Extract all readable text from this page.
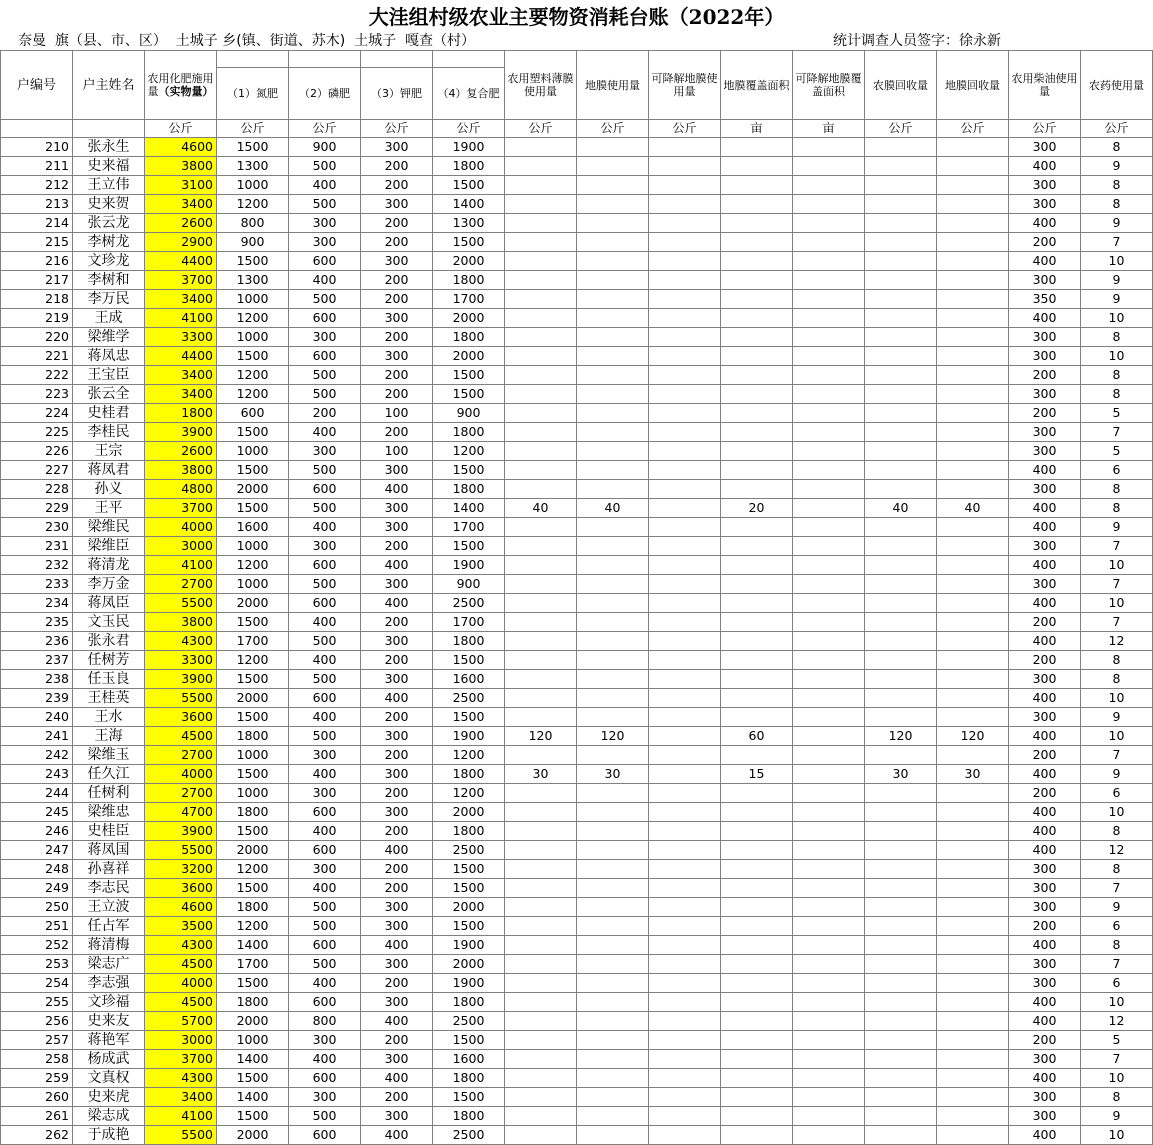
大洼组村级农业主要物资消耗台账（2022年）
奈曼  旗（县、市、区）  土城子 乡(镇、街道、苏木)  土城子  嘎查（村）	统计调查人员签字：徐永新
户编号	户主姓名	农用化肥施用量（实物量）					农用塑料薄膜使用量	地膜使用量	可降解地膜使用量	地膜覆盖面积	可降解地膜覆盖面积	农膜回收量	地膜回收量	农用柴油使用量	农药使用量
			（1）氮肥	（2）磷肥	（3）钾肥	（4）复合肥									
		公斤	公斤	公斤	公斤	公斤	公斤	公斤	公斤	亩	亩	公斤	公斤	公斤	公斤
210	张永生	4600	1500	900	300	1900								300	8
211	史来福	3800	1300	500	200	1800								400	9
212	王立伟	3100	1000	400	200	1500								300	8
213	史来贺	3400	1200	500	300	1400								300	8
214	张云龙	2600	800	300	200	1300								400	9
215	李树龙	2900	900	300	200	1500								200	7
216	文珍龙	4400	1500	600	300	2000								400	10
217	李树和	3700	1300	400	200	1800								300	9
218	李万民	3400	1000	500	200	1700								350	9
219	王成	4100	1200	600	300	2000								400	10
220	梁维学	3300	1000	300	200	1800								300	8
221	蒋凤忠	4400	1500	600	300	2000								300	10
222	王宝臣	3400	1200	500	200	1500								200	8
223	张云全	3400	1200	500	200	1500								300	8
224	史桂君	1800	600	200	100	900								200	5
225	李桂民	3900	1500	400	200	1800								300	7
226	王宗	2600	1000	300	100	1200								300	5
227	蒋凤君	3800	1500	500	300	1500								400	6
228	孙义	4800	2000	600	400	1800								300	8
229	王平	3700	1500	500	300	1400	40	40		20		40	40	400	8
230	梁维民	4000	1600	400	300	1700								400	9
231	梁维臣	3000	1000	300	200	1500								300	7
232	蒋清龙	4100	1200	600	400	1900								400	10
233	李万金	2700	1000	500	300	900								300	7
234	蒋凤臣	5500	2000	600	400	2500								400	10
235	文玉民	3800	1500	400	200	1700								200	7
236	张永君	4300	1700	500	300	1800								400	12
237	任树芳	3300	1200	400	200	1500								200	8
238	任玉良	3900	1500	500	300	1600								300	8
239	王桂英	5500	2000	600	400	2500								400	10
240	王水	3600	1500	400	200	1500								300	9
241	王海	4500	1800	500	300	1900	120	120		60		120	120	400	10
242	梁维玉	2700	1000	300	200	1200								200	7
243	任久江	4000	1500	400	300	1800	30	30		15		30	30	400	9
244	任树利	2700	1000	300	200	1200								200	6
245	梁维忠	4700	1800	600	300	2000								400	10
246	史桂臣	3900	1500	400	200	1800								400	8
247	蒋凤国	5500	2000	600	400	2500								400	12
248	孙喜祥	3200	1200	300	200	1500								300	8
249	李志民	3600	1500	400	200	1500								300	7
250	王立波	4600	1800	500	300	2000								300	9
251	任占军	3500	1200	500	300	1500								200	6
252	蒋清梅	4300	1400	600	400	1900								400	8
253	梁志广	4500	1700	500	300	2000								300	7
254	李志强	4000	1500	400	200	1900								300	6
255	文珍福	4500	1800	600	300	1800								400	10
256	史来友	5700	2000	800	400	2500								400	12
257	蒋艳军	3000	1000	300	200	1500								200	5
258	杨成武	3700	1400	400	300	1600								300	7
259	文真权	4300	1500	600	400	1800								400	10
260	史来虎	3400	1400	300	200	1500								300	8
261	梁志成	4100	1500	500	300	1800								300	9
262	于成艳	5500	2000	600	400	2500								400	10
